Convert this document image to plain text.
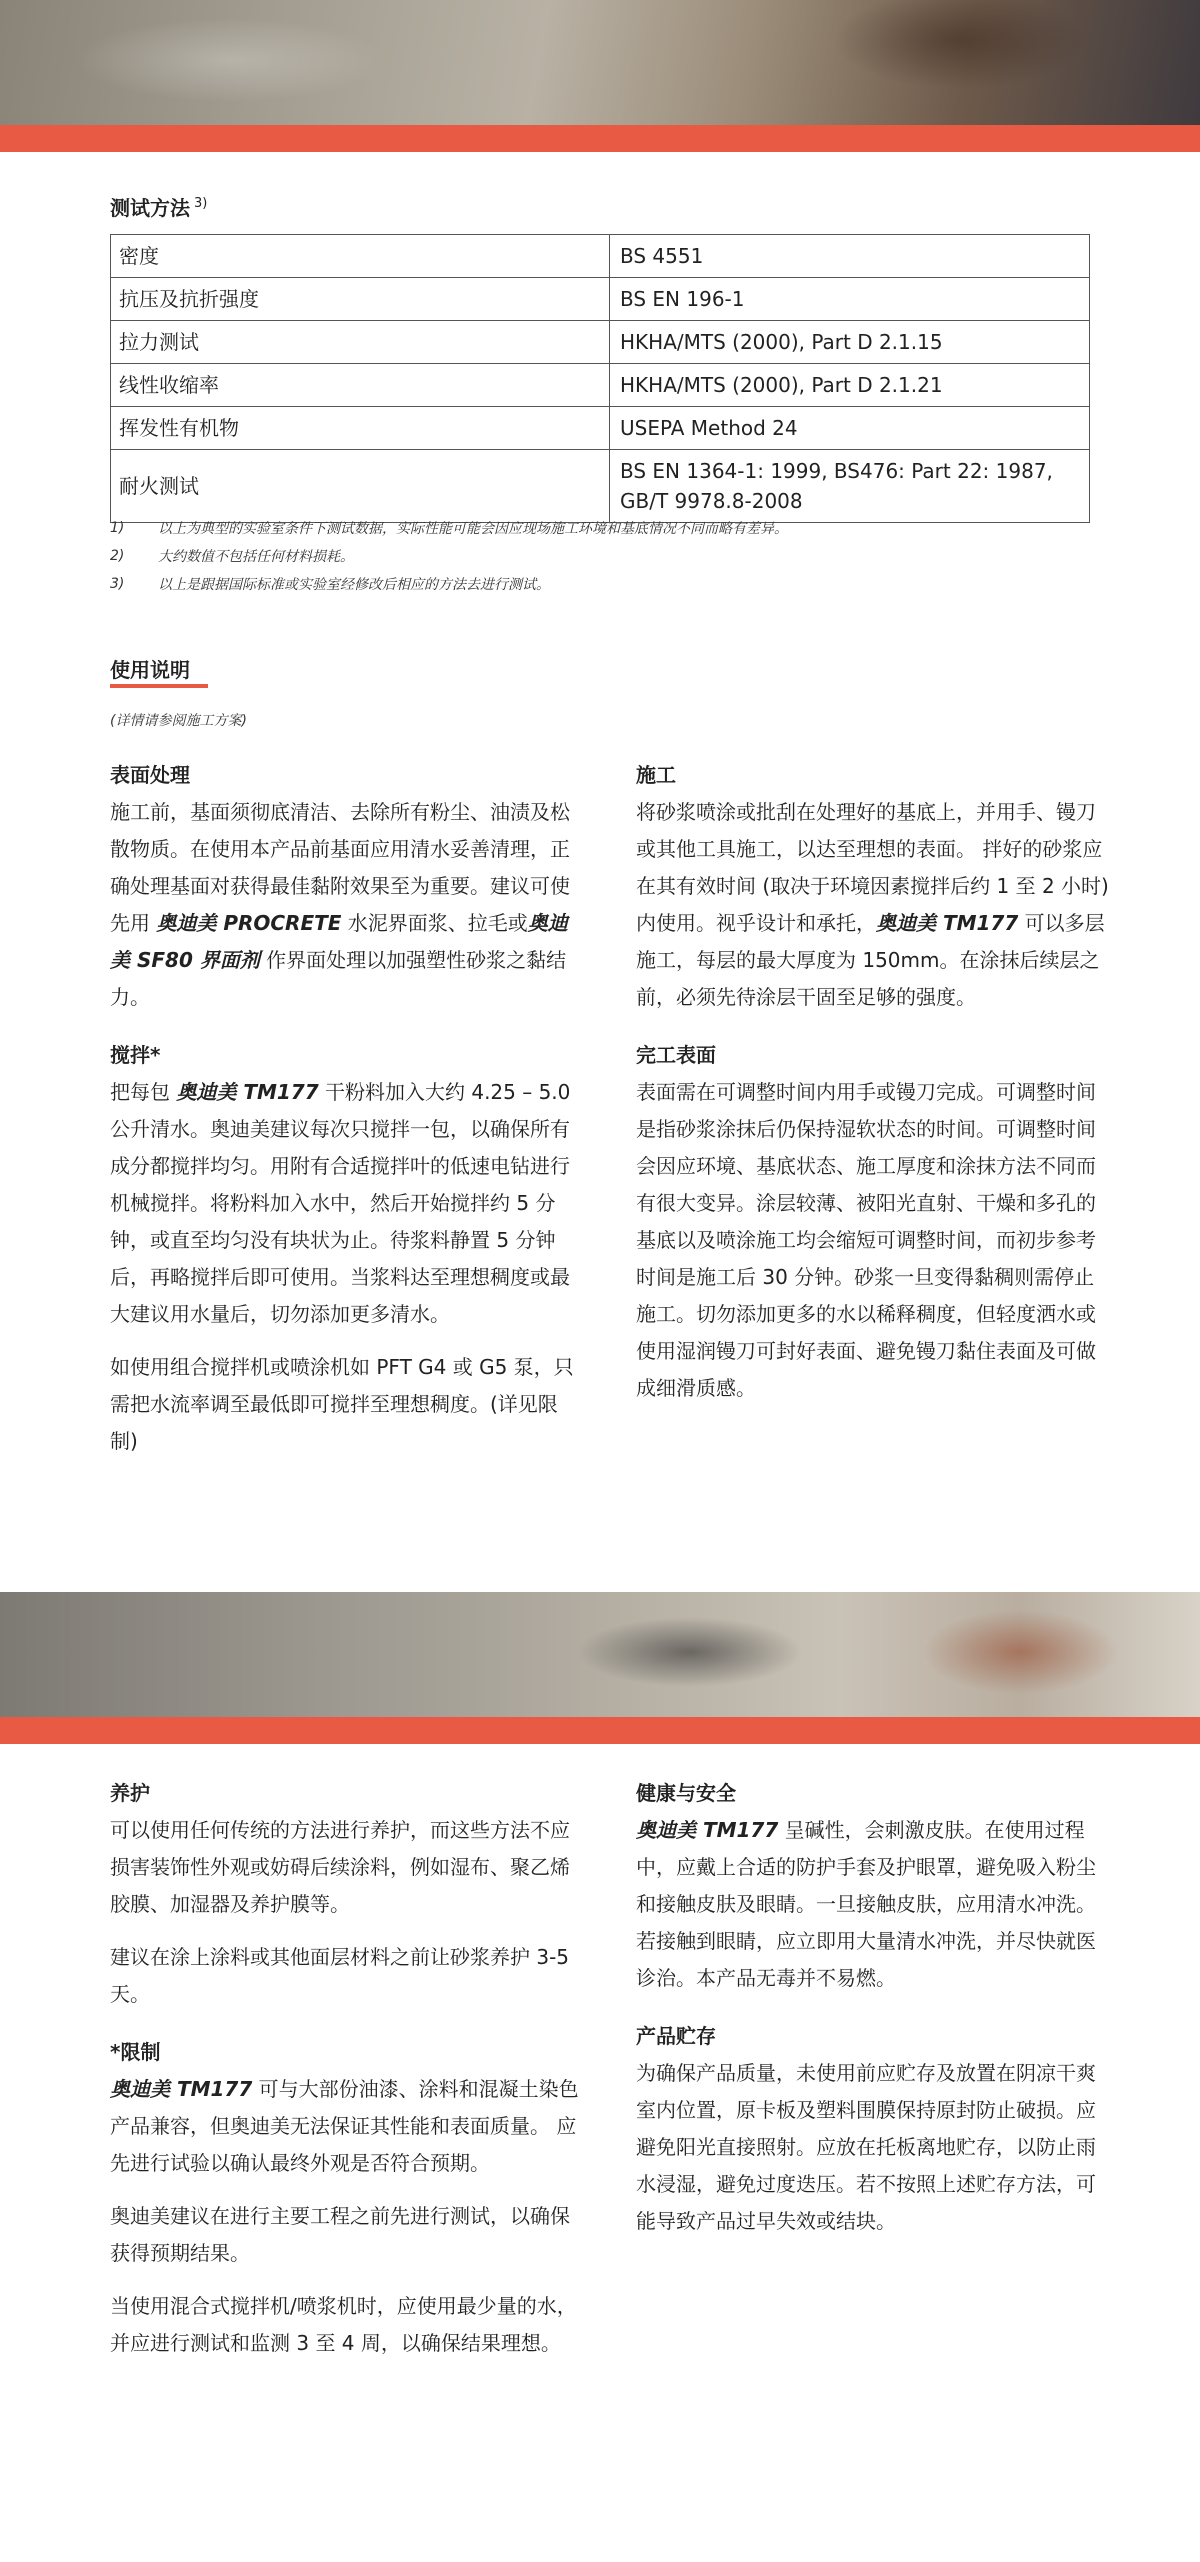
测试方法 $^{3)}$
密度	BS 4551
抗压及抗折强度	BS EN 196-1
拉力测试	HKHA/MTS (2000), Part D 2.1.15
线性收缩率	HKHA/MTS (2000), Part D 2.1.21
挥发性有机物	USEPA Method 24
耐火测试	BS EN 1364-1: 1999, BS476: Part 22: 1987, GB/T 9978.8-2008
1)	以上为典型的实验室条件下测试数据，实际性能可能会因应现场施工环境和基底情况不同而略有差异。
2)	大约数值不包括任何材料损耗。
3)	以上是跟据国际标准或实验室经修改后相应的方法去进行测试。
使用说明
(详情请参阅施工方案)
表面处理

施工前，基面须彻底清洁、去除所有粉尘、油渍及松散物质。在使用本产品前基面应用清水妥善清理，正确处理基面对获得最佳黏附效果至为重要。建议可使先用 奥迪美 PROCRETE 水泥界面浆、拉毛或奥迪美 SF80 界面剂 作界面处理以加强塑性砂浆之黏结力。

搅拌*

把每包 奥迪美 TM177 干粉料加入大约 4.25 – 5.0 公升清水。奥迪美建议每次只搅拌一包，以确保所有成分都搅拌均匀。用附有合适搅拌叶的低速电钻进行机械搅拌。将粉料加入水中，然后开始搅拌约 5 分钟，或直至均匀没有块状为止。待浆料静置 5 分钟后，再略搅拌后即可使用。当浆料达至理想稠度或最大建议用水量后，切勿添加更多清水。

如使用组合搅拌机或喷涂机如 PFT G4 或 G5 泵，只需把水流率调至最低即可搅拌至理想稠度。(详见限制)

施工

将砂浆喷涂或批刮在处理好的基底上，并用手、镘刀或其他工具施工，以达至理想的表面。 拌好的砂浆应在其有效时间 (取决于环境因素搅拌后约 1 至 2 小时) 内使用。视乎设计和承托，奥迪美 TM177 可以多层施工，每层的最大厚度为 150mm。在涂抹后续层之前，必须先待涂层干固至足够的强度。

完工表面

表面需在可调整时间内用手或镘刀完成。可调整时间是指砂浆涂抹后仍保持湿软状态的时间。可调整时间会因应环境、基底状态、施工厚度和涂抹方法不同而有很大变异。涂层较薄、被阳光直射、干燥和多孔的基底以及喷涂施工均会缩短可调整时间，而初步参考时间是施工后 30 分钟。砂浆一旦变得黏稠则需停止施工。切勿添加更多的水以稀释稠度，但轻度洒水或使用湿润镘刀可封好表面、避免镘刀黏住表面及可做成细滑质感。

养护

可以使用任何传统的方法进行养护，而这些方法不应损害装饰性外观或妨碍后续涂料，例如湿布、聚乙烯胶膜、加湿器及养护膜等。

建议在涂上涂料或其他面层材料之前让砂浆养护 3-5 天。

*限制

奥迪美 TM177 可与大部份油漆、涂料和混凝土染色产品兼容，但奥迪美无法保证其性能和表面质量。 应先进行试验以确认最终外观是否符合预期。

奥迪美建议在进行主要工程之前先进行测试，以确保获得预期结果。

当使用混合式搅拌机/喷浆机时，应使用最少量的水，并应进行测试和监测 3 至 4 周，以确保结果理想。

健康与安全

奥迪美 TM177 呈碱性，会刺激皮肤。在使用过程中，应戴上合适的防护手套及护眼罩，避免吸入粉尘和接触皮肤及眼睛。一旦接触皮肤，应用清水冲洗。若接触到眼睛，应立即用大量清水冲洗，并尽快就医诊治。本产品无毒并不易燃。

产品贮存

为确保产品质量，未使用前应贮存及放置在阴凉干爽室内位置，原卡板及塑料围膜保持原封防止破损。应避免阳光直接照射。应放在托板离地贮存，以防止雨水浸湿，避免过度迭压。若不按照上述贮存方法，可能导致产品过早失效或结块。
